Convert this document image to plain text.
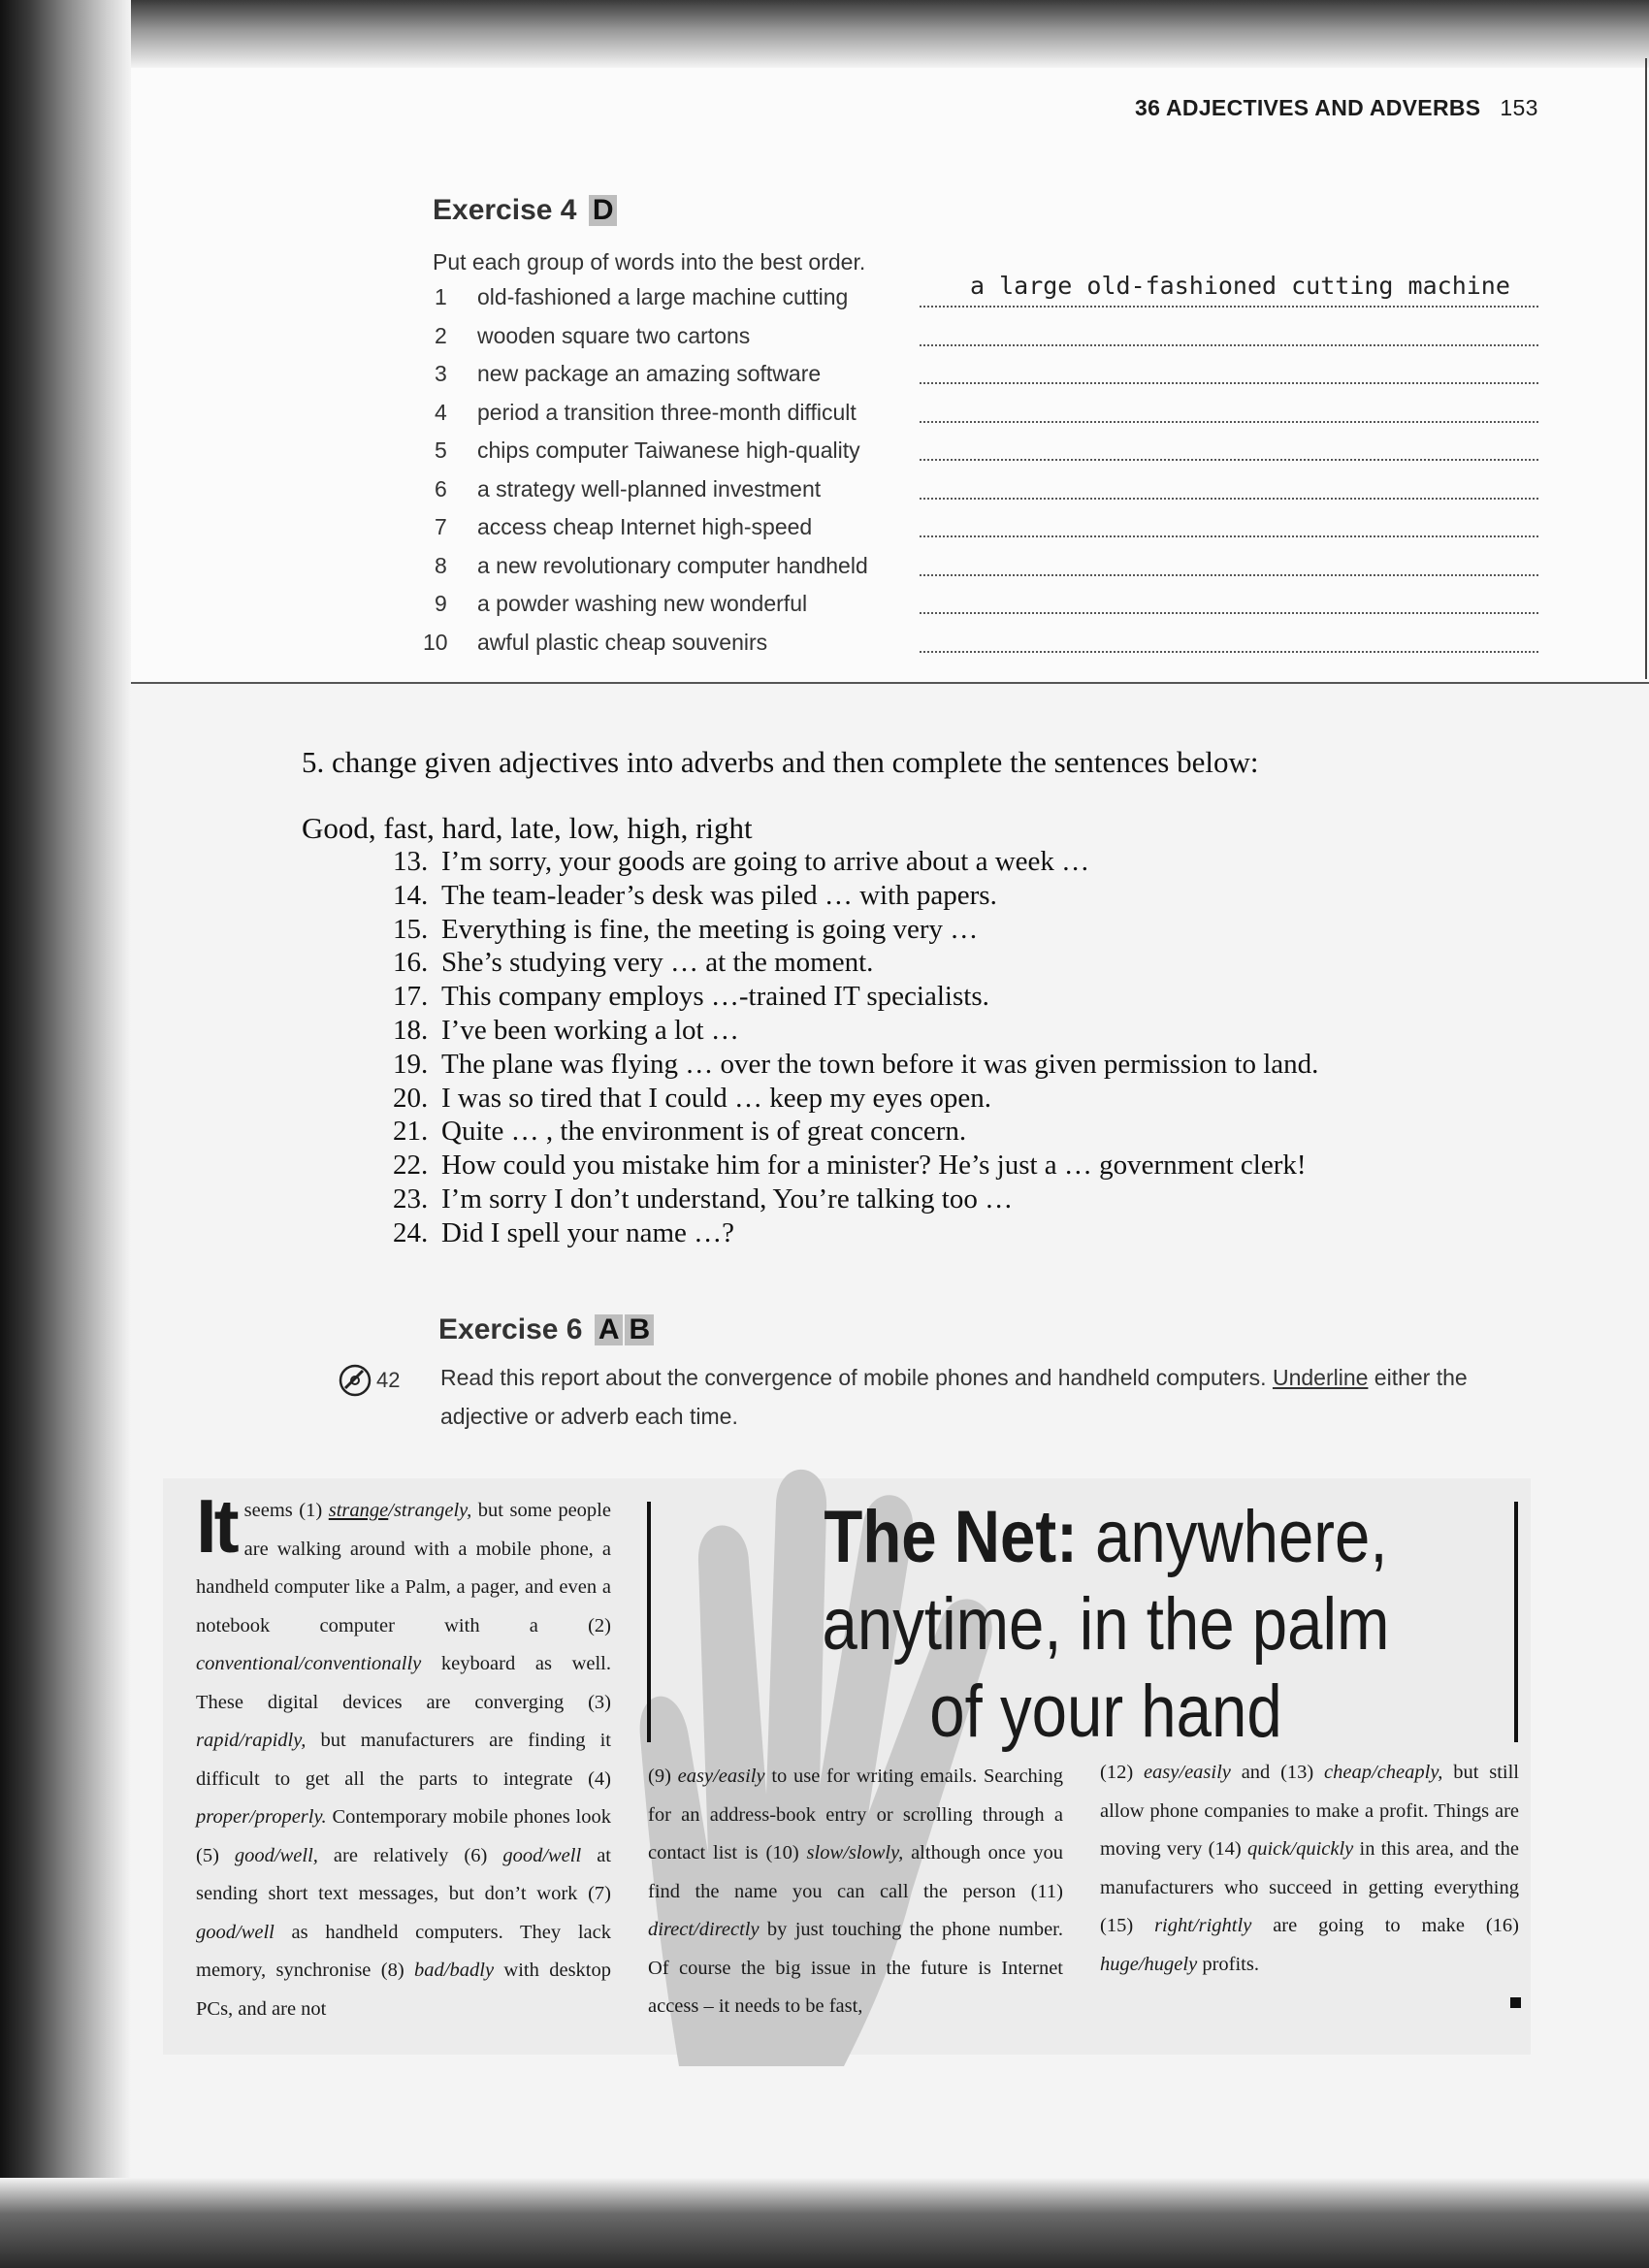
36 ADJECTIVES AND ADVERBS 153
Exercise 4 D
Put each group of words into the best order.
1 old-fashioned a large machine cutting
2 wooden square two cartons
3 new package an amazing software
4 period a transition three-month difficult
5 chips computer Taiwanese high-quality
6 a strategy well-planned investment
7 access cheap Internet high-speed
8 a new revolutionary computer handheld
9 a powder washing new wonderful
10 awful plastic cheap souvenirs
a large old-fashioned cutting machine
5. change given adjectives into adverbs and then complete the sentences below:
Good, fast, hard, late, low, high, right
13. I’m sorry, your goods are going to arrive about a week …
14. The team-leader’s desk was piled … with papers.
15. Everything is fine, the meeting is going very …
16. She’s studying very … at the moment.
17. This company employs …-trained IT specialists.
18. I’ve been working a lot …
19. The plane was flying … over the town before it was given permission to land.
20. I was so tired that I could … keep my eyes open.
21. Quite … , the environment is of great concern.
22. How could you mistake him for a minister? He’s just a … government clerk!
23. I’m sorry I don’t understand, You’re talking too …
24. Did I spell your name …?
Exercise 6 A B
42 Read this report about the convergence of mobile phones and handheld computers. Underline either the adjective or adverb each time.
The Net: anywhere,
anytime, in the palm
of your hand
It seems (1) strange/strangely, but some people are walking around with a mobile phone, a handheld computer like a Palm, a pager, and even a notebook computer with a (2) conventional/conventionally keyboard as well. These digital devices are converging (3) rapid/rapidly, but manufacturers are finding it difficult to get all the parts to integrate (4) proper/properly. Contemporary mobile phones look (5) good/well, are relatively (6) good/well at sending short text messages, but don’t work (7) good/well as handheld computers. They lack memory, synchronise (8) bad/badly with desktop PCs, and are not
(9) easy/easily to use for writing emails. Searching for an address-book entry or scrolling through a contact list is (10) slow/slowly, although once you find the name you can call the person (11) direct/directly by just touching the phone number. Of course the big issue in the future is Internet access – it needs to be fast,
(12) easy/easily and (13) cheap/cheaply, but still allow phone companies to make a profit. Things are moving very (14) quick/quickly in this area, and the manufacturers who succeed in getting everything (15) right/rightly are going to make (16) huge/hugely profits.
